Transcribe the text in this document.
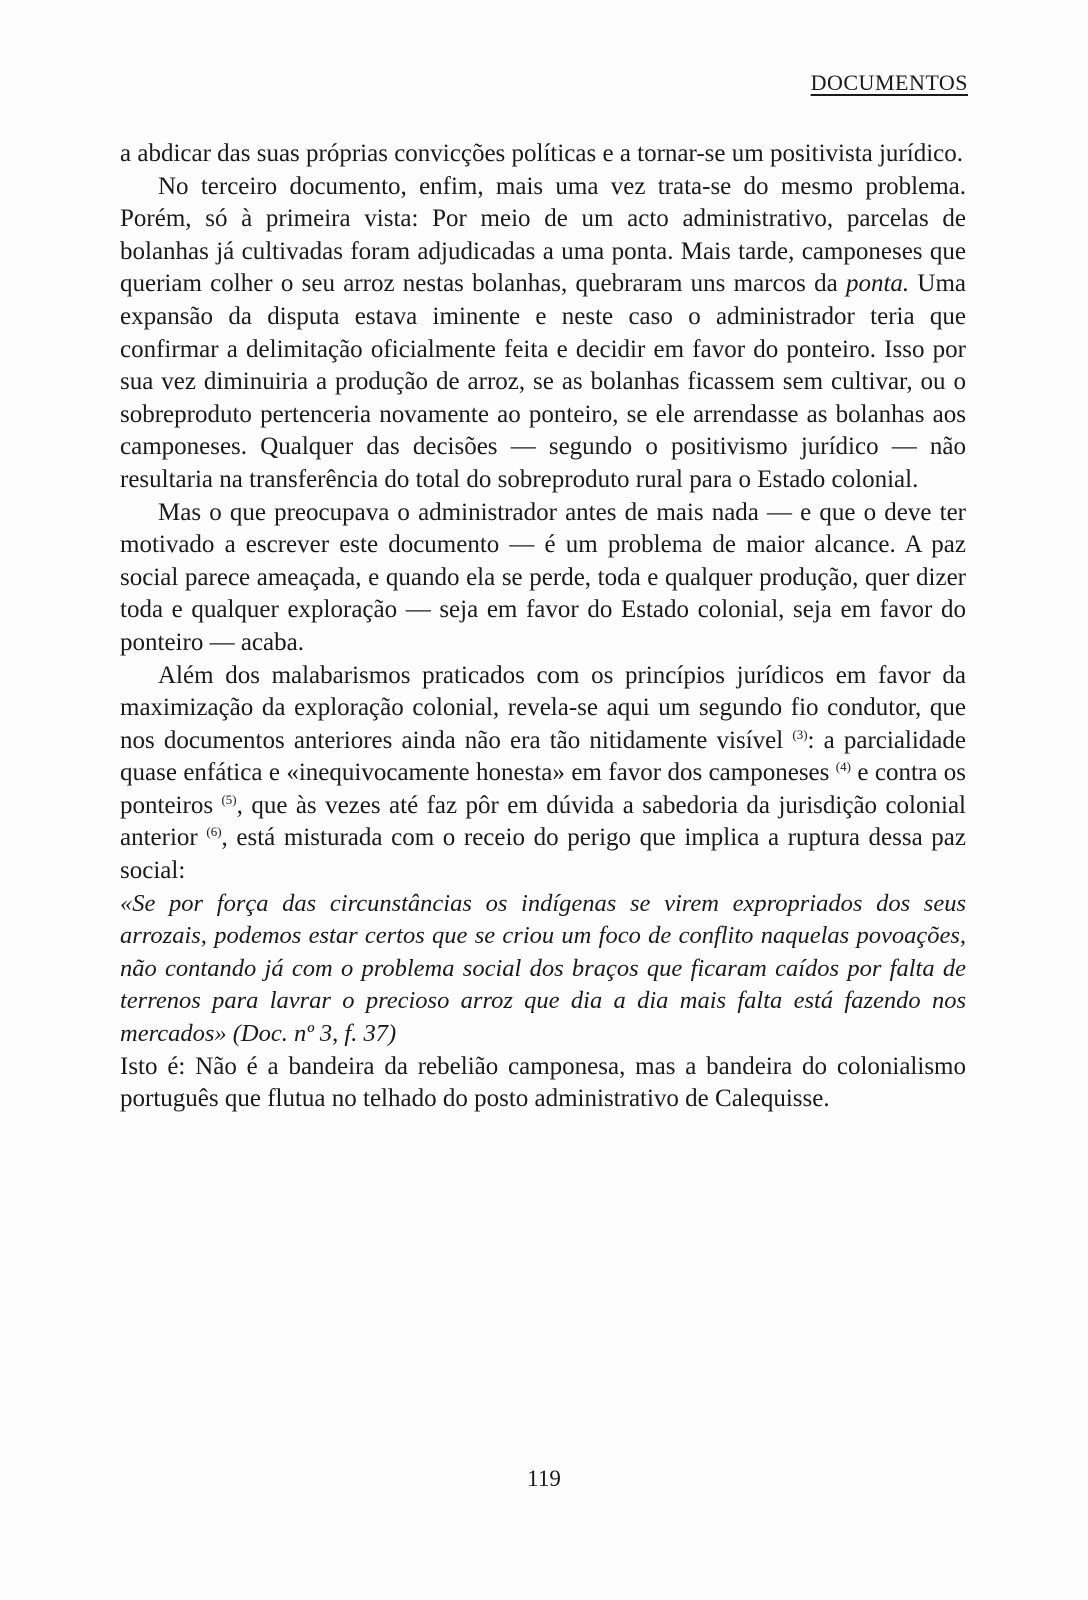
DOCUMENTOS

a abdicar das suas próprias convicções políticas e a tornar-se um positivista jurídico.

No terceiro documento, enfim, mais uma vez trata-se do mesmo problema. Porém, só à primeira vista: Por meio de um acto administrativo, parcelas de bolanhas já cultivadas foram adjudicadas a uma ponta. Mais tarde, camponeses que queriam colher o seu arroz nestas bolanhas, quebraram uns marcos da ponta. Uma expansão da disputa estava iminente e neste caso o administrador teria que confirmar a delimitação oficialmente feita e decidir em favor do ponteiro. Isso por sua vez diminuiria a produção de arroz, se as bolanhas ficassem sem cultivar, ou o sobreproduto pertenceria novamente ao ponteiro, se ele arrendasse as bolanhas aos camponeses. Qualquer das decisões — segundo o positivismo jurídico — não resultaria na transferência do total do sobreproduto rural para o Estado colonial.

Mas o que preocupava o administrador antes de mais nada — e que o deve ter motivado a escrever este documento — é um problema de maior alcance. A paz social parece ameaçada, e quando ela se perde, toda e qualquer produção, quer dizer toda e qualquer exploração — seja em favor do Estado colonial, seja em favor do ponteiro — acaba.

Além dos malabarismos praticados com os princípios jurídicos em favor da maximização da exploração colonial, revela-se aqui um segundo fio condutor, que nos documentos anteriores ainda não era tão nitidamente visível $^{(3)}$: a parcialidade quase enfática e «inequivocamente honesta» em favor dos camponeses $^{(4)}$ e contra os ponteiros $^{(5)}$, que às vezes até faz pôr em dúvida a sabedoria da jurisdição colonial anterior $^{(6)}$, está misturada com o receio do perigo que implica a ruptura dessa paz social:

«Se por força das circunstâncias os indígenas se virem expropriados dos seus arrozais, podemos estar certos que se criou um foco de conflito naquelas povoações, não contando já com o problema social dos braços que ficaram caídos por falta de terrenos para lavrar o precioso arroz que dia a dia mais falta está fazendo nos mercados» (Doc. nº 3, f. 37)

Isto é: Não é a bandeira da rebelião camponesa, mas a bandeira do colonialismo português que flutua no telhado do posto administrativo de Calequisse.

119
